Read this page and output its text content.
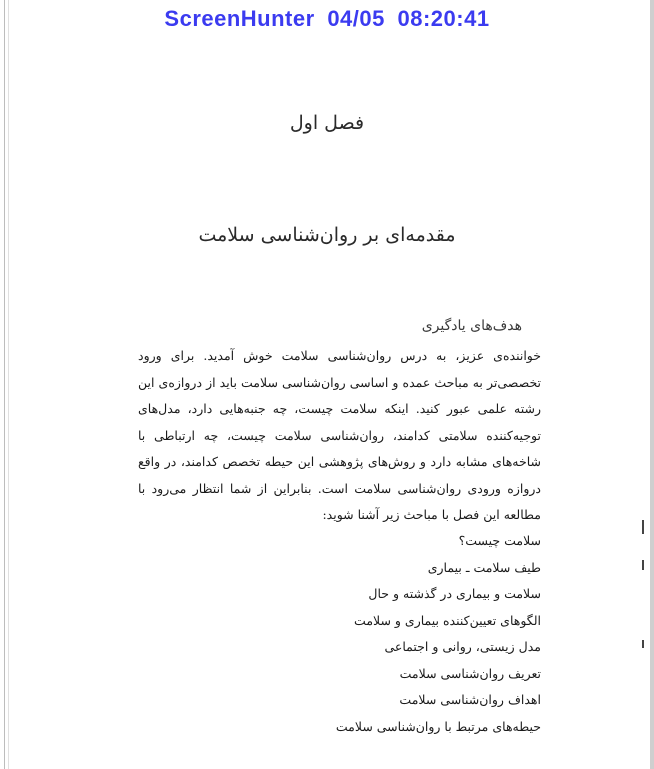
ScreenHunter 04/05 08:20:41
فصل اول
مقدمه‌ای بر روان‌شناسی سلامت
هدف‌های یادگیری

خواننده‌ی عزیز، به درس روان‌شناسی سلامت خوش آمدید. برای ورود تخصصی‌تر به مباحث عمده و اساسی روان‌شناسی سلامت باید از دروازه‌ی این رشته علمی عبور کنید. اینکه سلامت چیست، چه جنبه‌هایی دارد، مدل‌های توجیه‌کننده سلامتی کدامند، روان‌شناسی سلامت چیست، چه ارتباطی با شاخه‌های مشابه دارد و روش‌های پژوهشی این حیطه تخصص کدامند، در واقع دروازه ورودی روان‌شناسی سلامت است. بنابراین از شما انتظار می‌رود با مطالعه این فصل با مباحث زیر آشنا شوید:

سلامت چیست؟
طیف سلامت ـ بیماری
سلامت و بیماری در گذشته و حال
الگوهای تعیین‌کننده بیماری و سلامت
مدل زیستی، روانی و اجتماعی
تعریف روان‌شناسی سلامت
اهداف روان‌شناسی سلامت
حیطه‌های مرتبط با روان‌شناسی سلامت
